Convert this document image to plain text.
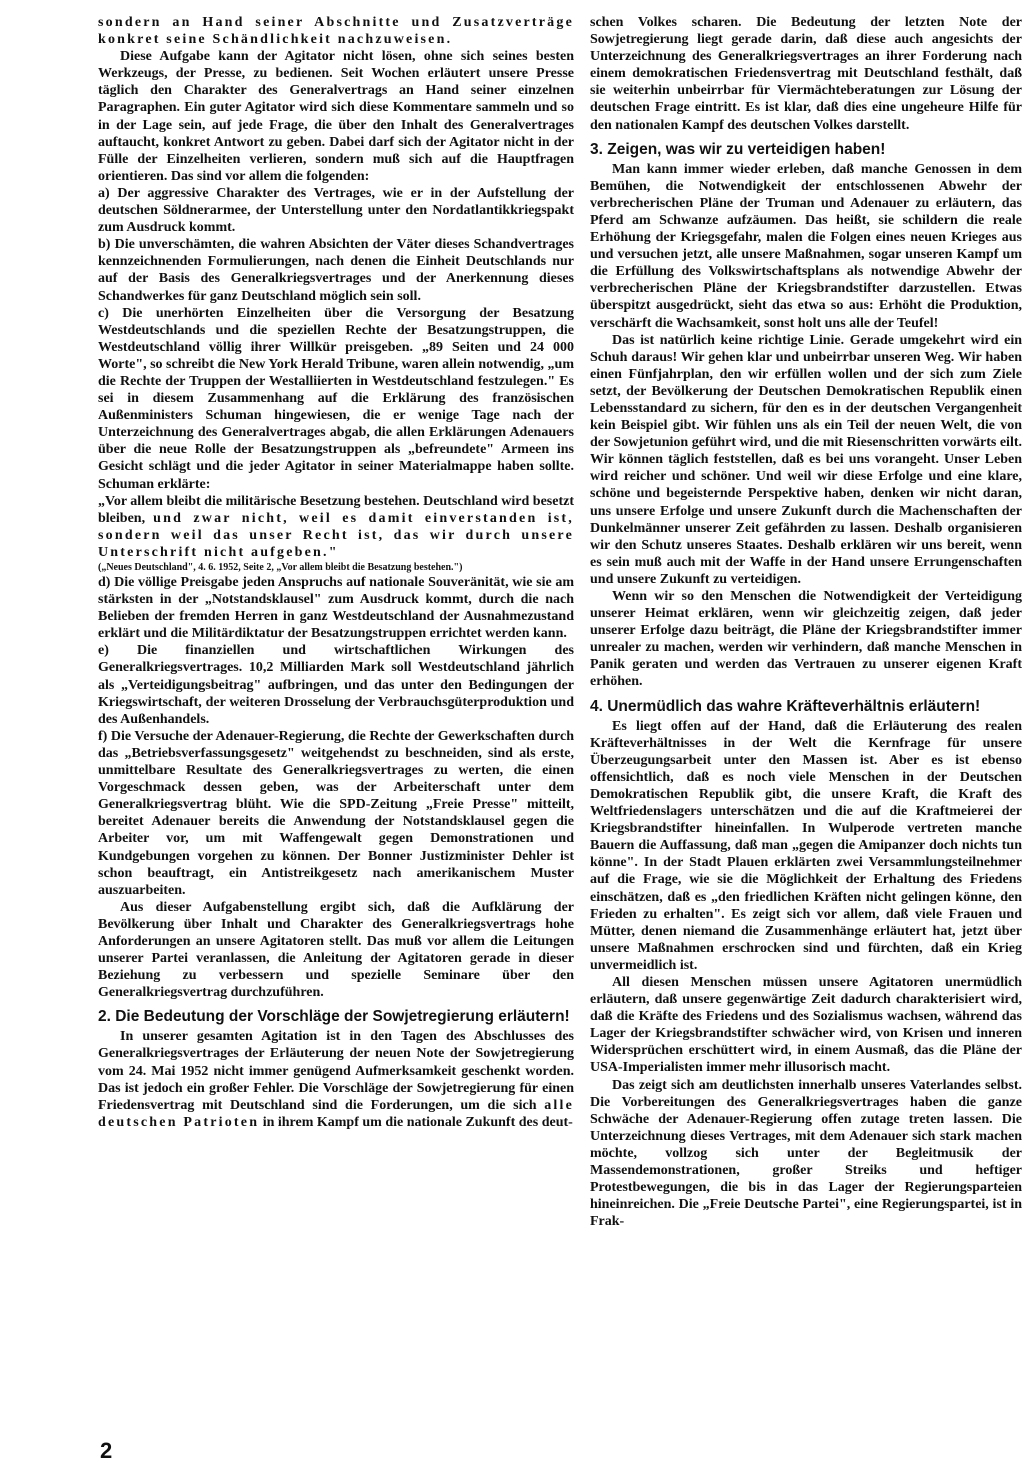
sondern an Hand seiner Abschnitte und Zusatzverträge konkret seine Schändlichkeit nachzuweisen.

Diese Aufgabe kann der Agitator nicht lösen, ohne sich seines besten Werkzeugs, der Presse, zu bedienen. Seit Wochen erläutert unsere Presse täglich den Charakter des Generalvertrags an Hand seiner einzelnen Paragraphen. Ein guter Agitator wird sich diese Kommentare sammeln und so in der Lage sein, auf jede Frage, die über den Inhalt des Generalvertrages auftaucht, konkret Antwort zu geben. Dabei darf sich der Agitator nicht in der Fülle der Einzelheiten verlieren, sondern muß sich auf die Hauptfragen orientieren. Das sind vor allem die folgenden:

a) Der aggressive Charakter des Vertrages, wie er in der Aufstellung der deutschen Söldnerarmee, der Unterstellung unter den Nordatlantikkriegspakt zum Ausdruck kommt.

b) Die unverschämten, die wahren Absichten der Väter dieses Schandvertrages kennzeichnenden Formulierungen, nach denen die Einheit Deutschlands nur auf der Basis des Generalkriegsvertrages und der Anerkennung dieses Schandwerkes für ganz Deutschland möglich sein soll.

c) Die unerhörten Einzelheiten über die Versorgung der Besatzung Westdeutschlands und die speziellen Rechte der Besatzungstruppen, die Westdeutschland völlig ihrer Willkür preisgeben. „89 Seiten und 24 000 Worte", so schreibt die New York Herald Tribune, waren allein notwendig, „um die Rechte der Truppen der Westalliierten in Westdeutschland festzulegen." Es sei in diesem Zusammenhang auf die Erklärung des französischen Außenministers Schuman hingewiesen, die er wenige Tage nach der Unterzeichnung des Generalvertrages abgab, die allen Erklärungen Adenauers über die neue Rolle der Besatzungstruppen als „befreundete" Armeen ins Gesicht schlägt und die jeder Agitator in seiner Materialmappe haben sollte. Schuman erklärte:

„Vor allem bleibt die militärische Besetzung bestehen. Deutschland wird besetzt bleiben, und zwar nicht, weil es damit einverstanden ist, sondern weil das unser Recht ist, das wir durch unsere Unterschrift nicht aufgeben."

(„Neues Deutschland", 4. 6. 1952, Seite 2, „Vor allem bleibt die Besatzung bestehen.")

d) Die völlige Preisgabe jeden Anspruchs auf nationale Souveränität, wie sie am stärksten in der „Notstandsklausel" zum Ausdruck kommt, durch die nach Belieben der fremden Herren in ganz Westdeutschland der Ausnahmezustand erklärt und die Militärdiktatur der Besatzungstruppen errichtet werden kann.

e) Die finanziellen und wirtschaftlichen Wirkungen des Generalkriegsvertrages. 10,2 Milliarden Mark soll Westdeutschland jährlich als „Verteidigungsbeitrag" aufbringen, und das unter den Bedingungen der Kriegswirtschaft, der weiteren Drosselung der Verbrauchsgüterproduktion und des Außenhandels.

f) Die Versuche der Adenauer-Regierung, die Rechte der Gewerkschaften durch das „Betriebsverfassungsgesetz" weitgehendst zu beschneiden, sind als erste, unmittelbare Resultate des Generalkriegsvertrages zu werten, die einen Vorgeschmack dessen geben, was der Arbeiterschaft unter dem Generalkriegsvertrag blüht. Wie die SPD-Zeitung „Freie Presse" mitteilt, bereitet Adenauer bereits die Anwendung der Notstandsklausel gegen die Arbeiter vor, um mit Waffengewalt gegen Demonstrationen und Kundgebungen vorgehen zu können. Der Bonner Justizminister Dehler ist schon beauftragt, ein Antistreikgesetz nach amerikanischem Muster auszuarbeiten.

Aus dieser Aufgabenstellung ergibt sich, daß die Aufklärung der Bevölkerung über Inhalt und Charakter des Generalkriegsvertrags hohe Anforderungen an unsere Agitatoren stellt. Das muß vor allem die Leitungen unserer Partei veranlassen, die Anleitung der Agitatoren gerade in dieser Beziehung zu verbessern und spezielle Seminare über den Generalkriegsvertrag durchzuführen.

2. Die Bedeutung der Vorschläge der Sowjetregierung erläutern!

In unserer gesamten Agitation ist in den Tagen des Abschlusses des Generalkriegsvertrages der Erläuterung der neuen Note der Sowjetregierung vom 24. Mai 1952 nicht immer genügend Aufmerksamkeit geschenkt worden. Das ist jedoch ein großer Fehler. Die Vorschläge der Sowjetregierung für einen Friedensvertrag mit Deutschland sind die Forderungen, um die sich alle deutschen Patrioten in ihrem Kampf um die nationale Zukunft des deut-

schen Volkes scharen. Die Bedeutung der letzten Note der Sowjetregierung liegt gerade darin, daß diese auch angesichts der Unterzeichnung des Generalkriegsvertrages an ihrer Forderung nach einem demokratischen Friedensvertrag mit Deutschland festhält, daß sie weiterhin unbeirrbar für Viermächteberatungen zur Lösung der deutschen Frage eintritt. Es ist klar, daß dies eine ungeheure Hilfe für den nationalen Kampf des deutschen Volkes darstellt.

3. Zeigen, was wir zu verteidigen haben!

Man kann immer wieder erleben, daß manche Genossen in dem Bemühen, die Notwendigkeit der entschlossenen Abwehr der verbrecherischen Pläne der Truman und Adenauer zu erläutern, das Pferd am Schwanze aufzäumen. Das heißt, sie schildern die reale Erhöhung der Kriegsgefahr, malen die Folgen eines neuen Krieges aus und versuchen jetzt, alle unsere Maßnahmen, sogar unseren Kampf um die Erfüllung des Volkswirtschaftsplans als notwendige Abwehr der verbrecherischen Pläne der Kriegsbrandstifter darzustellen. Etwas überspitzt ausgedrückt, sieht das etwa so aus: Erhöht die Produktion, verschärft die Wachsamkeit, sonst holt uns alle der Teufel!

Das ist natürlich keine richtige Linie. Gerade umgekehrt wird ein Schuh daraus! Wir gehen klar und unbeirrbar unseren Weg. Wir haben einen Fünfjahrplan, den wir erfüllen wollen und der sich zum Ziele setzt, der Bevölkerung der Deutschen Demokratischen Republik einen Lebensstandard zu sichern, für den es in der deutschen Vergangenheit kein Beispiel gibt. Wir fühlen uns als ein Teil der neuen Welt, die von der Sowjetunion geführt wird, und die mit Riesenschritten vorwärts eilt. Wir können täglich feststellen, daß es bei uns vorangeht. Unser Leben wird reicher und schöner. Und weil wir diese Erfolge und eine klare, schöne und begeisternde Perspektive haben, denken wir nicht daran, uns unsere Erfolge und unsere Zukunft durch die Machenschaften der Dunkelmänner unserer Zeit gefährden zu lassen. Deshalb organisieren wir den Schutz unseres Staates. Deshalb erklären wir uns bereit, wenn es sein muß auch mit der Waffe in der Hand unsere Errungenschaften und unsere Zukunft zu verteidigen.

Wenn wir so den Menschen die Notwendigkeit der Verteidigung unserer Heimat erklären, wenn wir gleichzeitig zeigen, daß jeder unserer Erfolge dazu beiträgt, die Pläne der Kriegsbrandstifter immer unrealer zu machen, werden wir verhindern, daß manche Menschen in Panik geraten und werden das Vertrauen zu unserer eigenen Kraft erhöhen.

4. Unermüdlich das wahre Kräfteverhältnis erläutern!

Es liegt offen auf der Hand, daß die Erläuterung des realen Kräfteverhältnisses in der Welt die Kernfrage für unsere Überzeugungsarbeit unter den Massen ist. Aber es ist ebenso offensichtlich, daß es noch viele Menschen in der Deutschen Demokratischen Republik gibt, die unsere Kraft, die Kraft des Weltfriedenslagers unterschätzen und die auf die Kraftmeierei der Kriegsbrandstifter hineinfallen. In Wulperode vertreten manche Bauern die Auffassung, daß man „gegen die Amipanzer doch nichts tun könne". In der Stadt Plauen erklärten zwei Versammlungsteilnehmer auf die Frage, wie sie die Möglichkeit der Erhaltung des Friedens einschätzen, daß es „den friedlichen Kräften nicht gelingen könne, den Frieden zu erhalten". Es zeigt sich vor allem, daß viele Frauen und Mütter, denen niemand die Zusammenhänge erläutert hat, jetzt über unsere Maßnahmen erschrocken sind und fürchten, daß ein Krieg unvermeidlich ist.

All diesen Menschen müssen unsere Agitatoren unermüdlich erläutern, daß unsere gegenwärtige Zeit dadurch charakterisiert wird, daß die Kräfte des Friedens und des Sozialismus wachsen, während das Lager der Kriegsbrandstifter schwächer wird, von Krisen und inneren Widersprüchen erschüttert wird, in einem Ausmaß, das die Pläne der USA-Imperialisten immer mehr illusorisch macht.

Das zeigt sich am deutlichsten innerhalb unseres Vaterlandes selbst. Die Vorbereitungen des Generalkriegsvertrages haben die ganze Schwäche der Adenauer-Regierung offen zutage treten lassen. Die Unterzeichnung dieses Vertrages, mit dem Adenauer sich stark machen möchte, vollzog sich unter der Begleitmusik der Massendemonstrationen, großer Streiks und heftiger Protestbewegungen, die bis in das Lager der Regierungsparteien hineinreichen. Die „Freie Deutsche Partei", eine Regierungspartei, ist in Frak-

2
